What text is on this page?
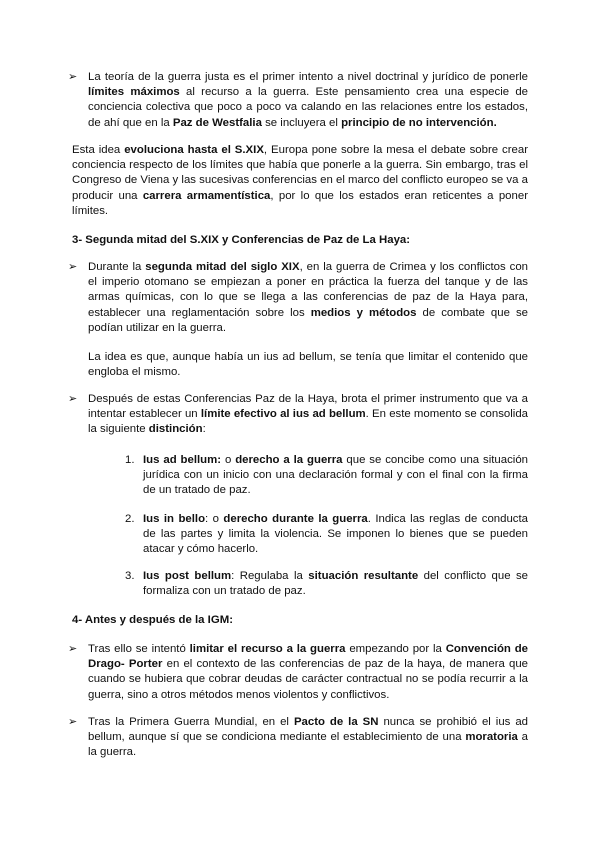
➢ La teoría de la guerra justa es el primer intento a nivel doctrinal y jurídico de ponerle límites máximos al recurso a la guerra. Este pensamiento crea una especie de conciencia colectiva que poco a poco va calando en las relaciones entre los estados, de ahí que en la Paz de Westfalia se incluyera el principio de no intervención.

Esta idea evoluciona hasta el S.XIX, Europa pone sobre la mesa el debate sobre crear conciencia respecto de los límites que había que ponerle a la guerra. Sin embargo, tras el Congreso de Viena y las sucesivas conferencias en el marco del conflicto europeo se va a producir una carrera armamentística, por lo que los estados eran reticentes a poner límites.

3- Segunda mitad del S.XIX y Conferencias de Paz de La Haya:
➢ Durante la segunda mitad del siglo XIX, en la guerra de Crimea y los conflictos con el imperio otomano se empiezan a poner en práctica la fuerza del tanque y de las armas químicas, con lo que se llega a las conferencias de paz de la Haya para, establecer una reglamentación sobre los medios y métodos de combate que se podían utilizar en la guerra.

La idea es que, aunque había un ius ad bellum, se tenía que limitar el contenido que engloba el mismo.

➢ Después de estas Conferencias Paz de la Haya, brota el primer instrumento que va a intentar establecer un límite efectivo al ius ad bellum. En este momento se consolida la siguiente distinción:

1. Ius ad bellum: o derecho a la guerra que se concibe como una situación jurídica con un inicio con una declaración formal y con el final con la firma de un tratado de paz.

2. Ius in bello: o derecho durante la guerra. Indica las reglas de conducta de las partes y limita la violencia. Se imponen lo bienes que se pueden atacar y cómo hacerlo.

3. Ius post bellum: Regulaba la situación resultante del conflicto que se formaliza con un tratado de paz.

4- Antes y después de la IGM:
➢ Tras ello se intentó limitar el recurso a la guerra empezando por la Convención de Drago- Porter en el contexto de las conferencias de paz de la haya, de manera que cuando se hubiera que cobrar deudas de carácter contractual no se podía recurrir a la guerra, sino a otros métodos menos violentos y conflictivos.

➢ Tras la Primera Guerra Mundial, en el Pacto de la SN nunca se prohibió el ius ad bellum, aunque sí que se condiciona mediante el establecimiento de una moratoria a la guerra.
